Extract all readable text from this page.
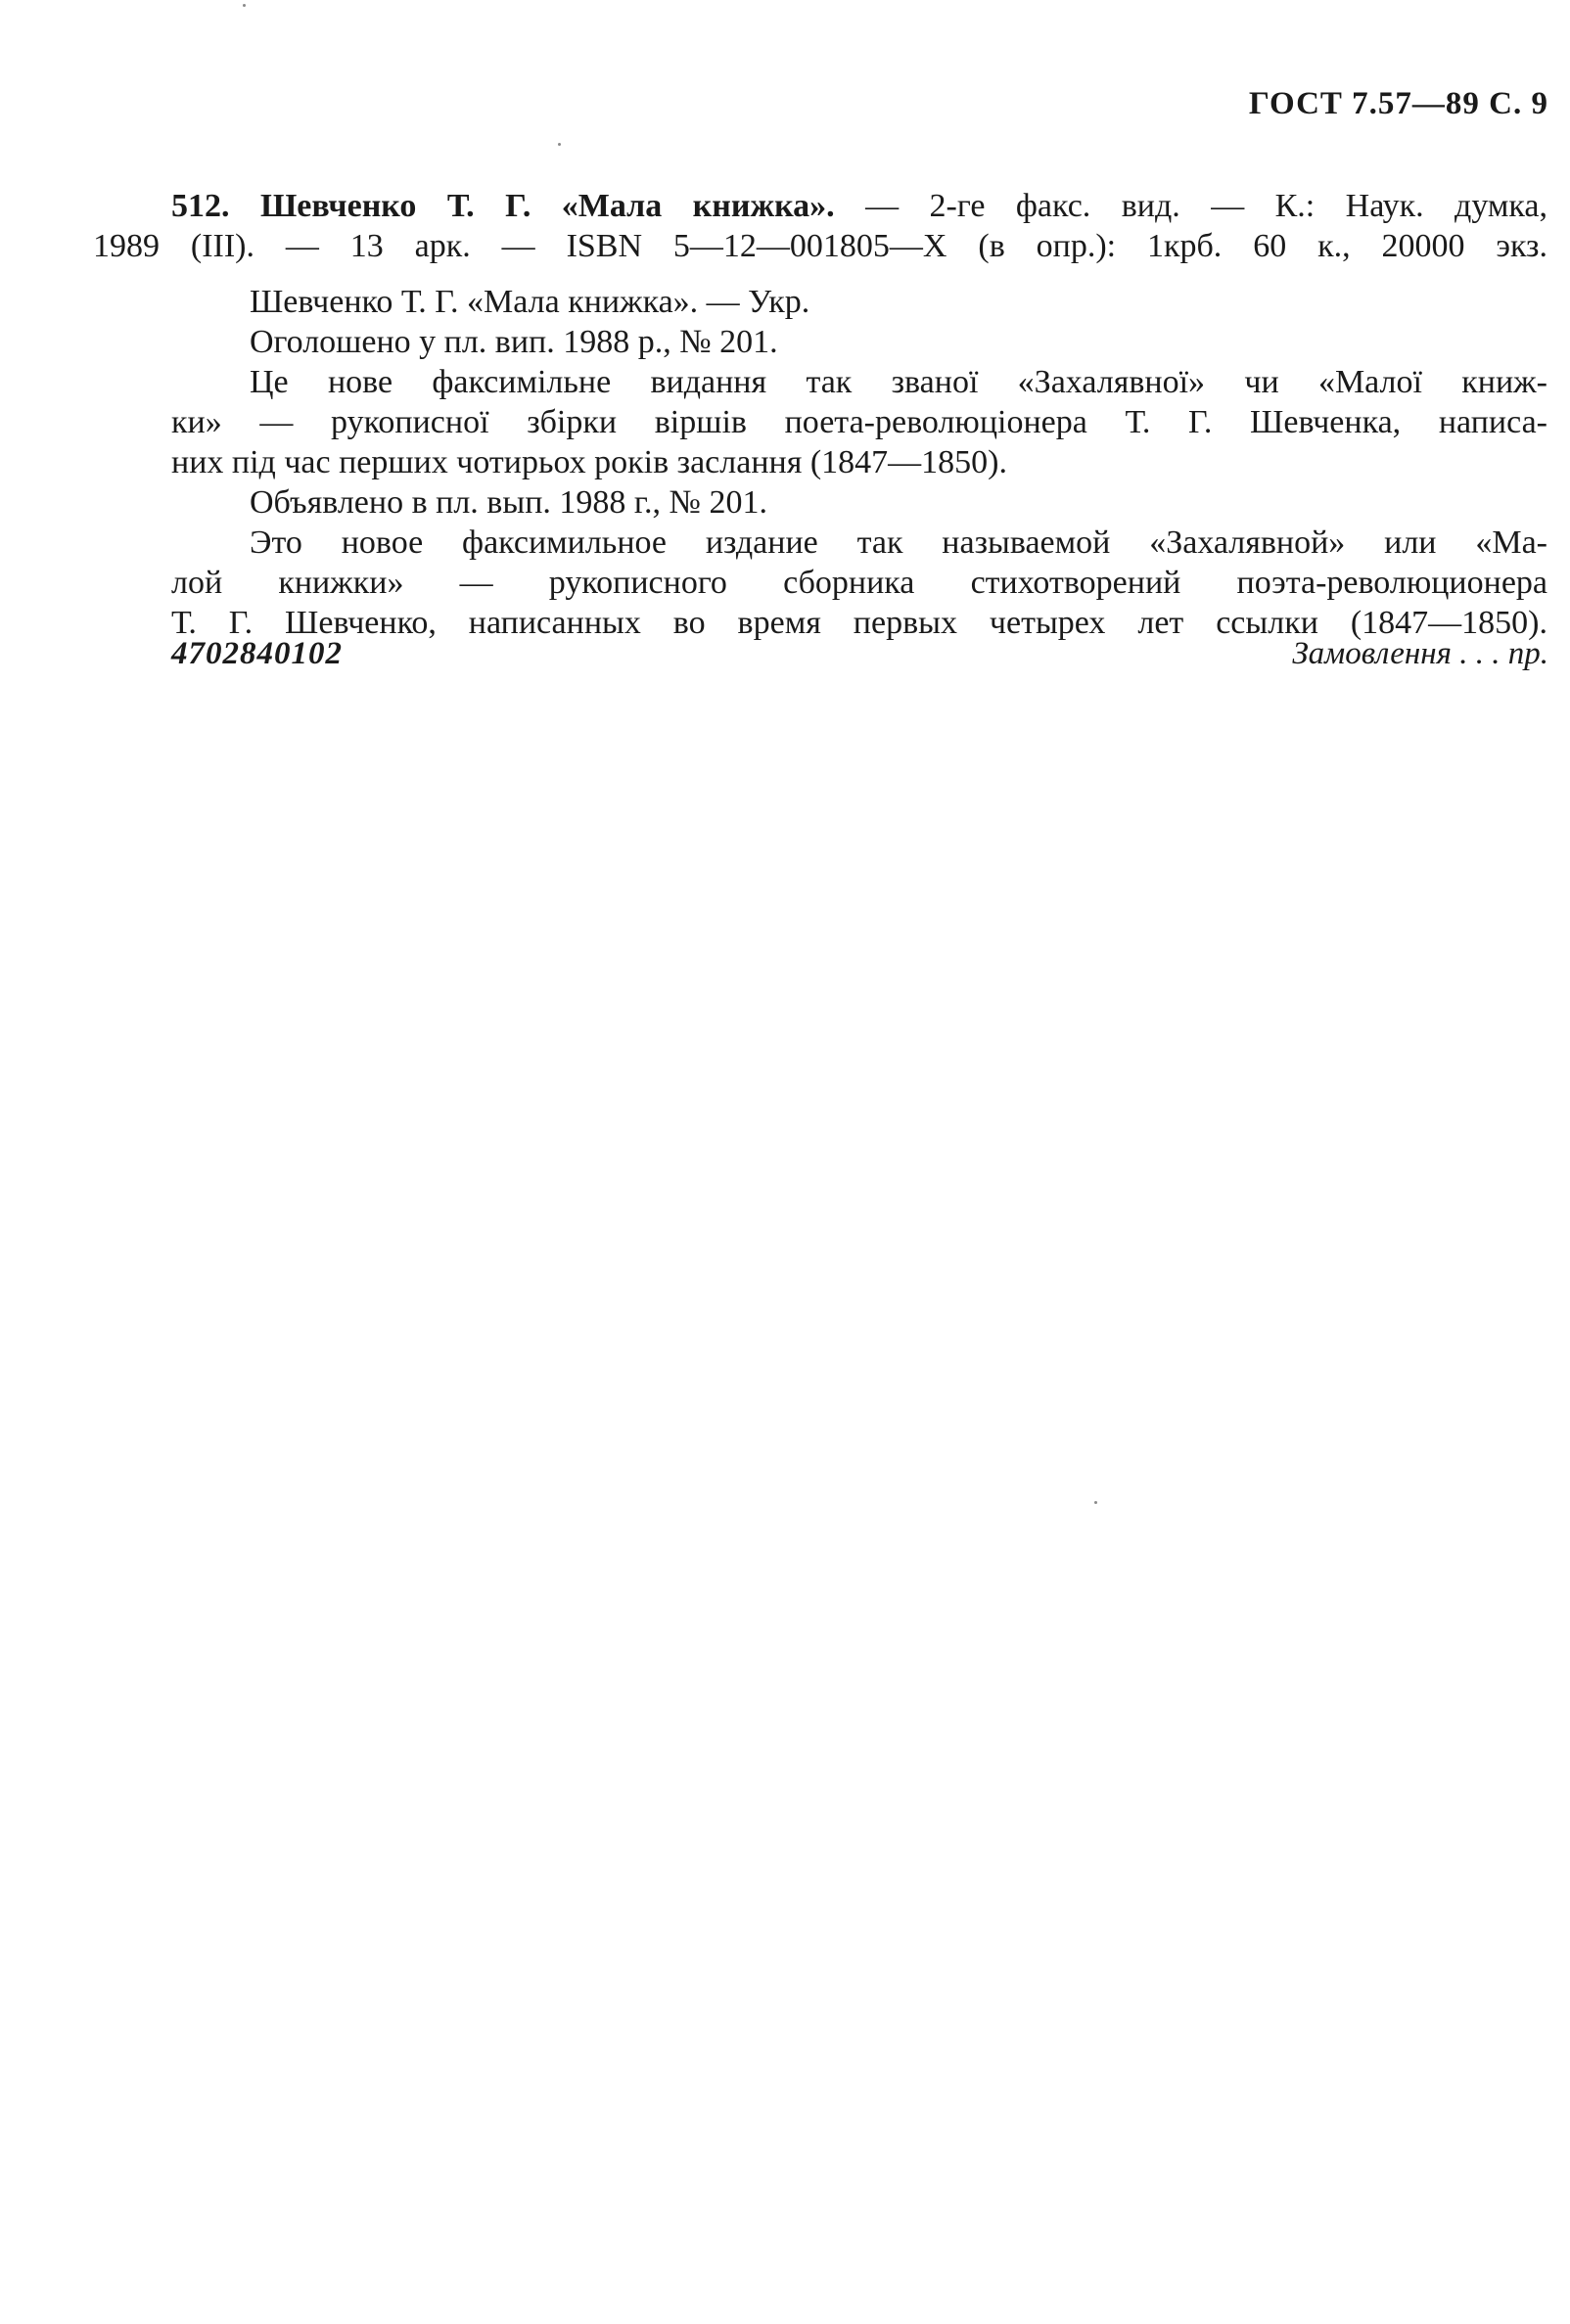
ГОСТ 7.57—89 С. 9
512. Шевченко Т. Г. «Мала книжка». — 2-ге факс. вид. — К.: Наук. думка,
1989 (III). — 13 арк. — ISBN 5—12—001805—X (в опр.): 1крб. 60 к., 20000 экз.
Шевченко Т. Г. «Мала книжка». — Укр.
Оголошено у пл. вип. 1988 р., № 201.
Це нове факсимільне видання так званої «Захалявної» чи «Малої книж-
ки» — рукописної збірки віршів поета-революціонера Т. Г. Шевченка, написа-
них під час перших чотирьох років заслання (1847—1850).
Объявлено в пл. вып. 1988 г., № 201.
Это новое факсимильное издание так называемой «Захалявной» или «Ма-
лой книжки» — рукописного сборника стихотворений поэта-революционера
Т. Г. Шевченко, написанных во время первых четырех лет ссылки (1847—1850).
4702840102	Замовлення . . . пр.
